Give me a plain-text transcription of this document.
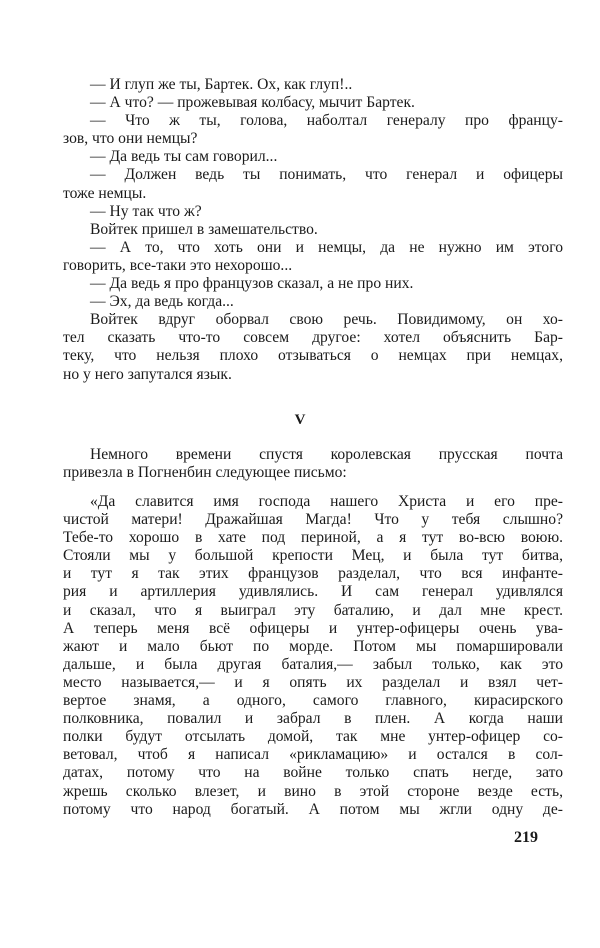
— И глуп же ты, Бартек. Ох, как глуп!..
— А что? — прожевывая колбасу, мычит Бартек.
— Что ж ты, голова, наболтал генералу про францу-
зов, что они немцы?
— Да ведь ты сам говорил...
— Должен ведь ты понимать, что генерал и офицеры
тоже немцы.
— Ну так что ж?
Войтек пришел в замешательство.
— А то, что хоть они и немцы, да не нужно им этого
говорить, все-таки это нехорошо...
— Да ведь я про французов сказал, а не про них.
— Эх, да ведь когда...
Войтек вдруг оборвал свою речь. Повидимому, он хо-
тел сказать что-то совсем другое: хотел объяснить Бар-
теку, что нельзя плохо отзываться о немцах при немцах,
но у него запутался язык.
V
Немного времени спустя королевская прусская почта
привезла в Погненбин следующее письмо:
«Да славится имя господа нашего Христа и его пре-
чистой матери! Дражайшая Магда! Что у тебя слышно?
Тебе-то хорошо в хате под периной, а я тут во-всю воюю.
Стояли мы у большой крепости Мец, и была тут битва,
и тут я так этих французов разделал, что вся инфанте-
рия и артиллерия удивлялись. И сам генерал удивлялся
и сказал, что я выиграл эту баталию, и дал мне крест.
А теперь меня всё офицеры и унтер-офицеры очень ува-
жают и мало бьют по морде. Потом мы помаршировали
дальше, и была другая баталия,— забыл только, как это
место называется,— и я опять их разделал и взял чет-
вертое знамя, а одного, самого главного, кирасирского
полковника, повалил и забрал в плен. А когда наши
полки будут отсылать домой, так мне унтер-офицер со-
ветовал, чтоб я написал «рикламацию» и остался в сол-
датах, потому что на войне только спать негде, зато
жрешь сколько влезет, и вино в этой стороне везде есть,
потому что народ богатый. А потом мы жгли одну де-
219
